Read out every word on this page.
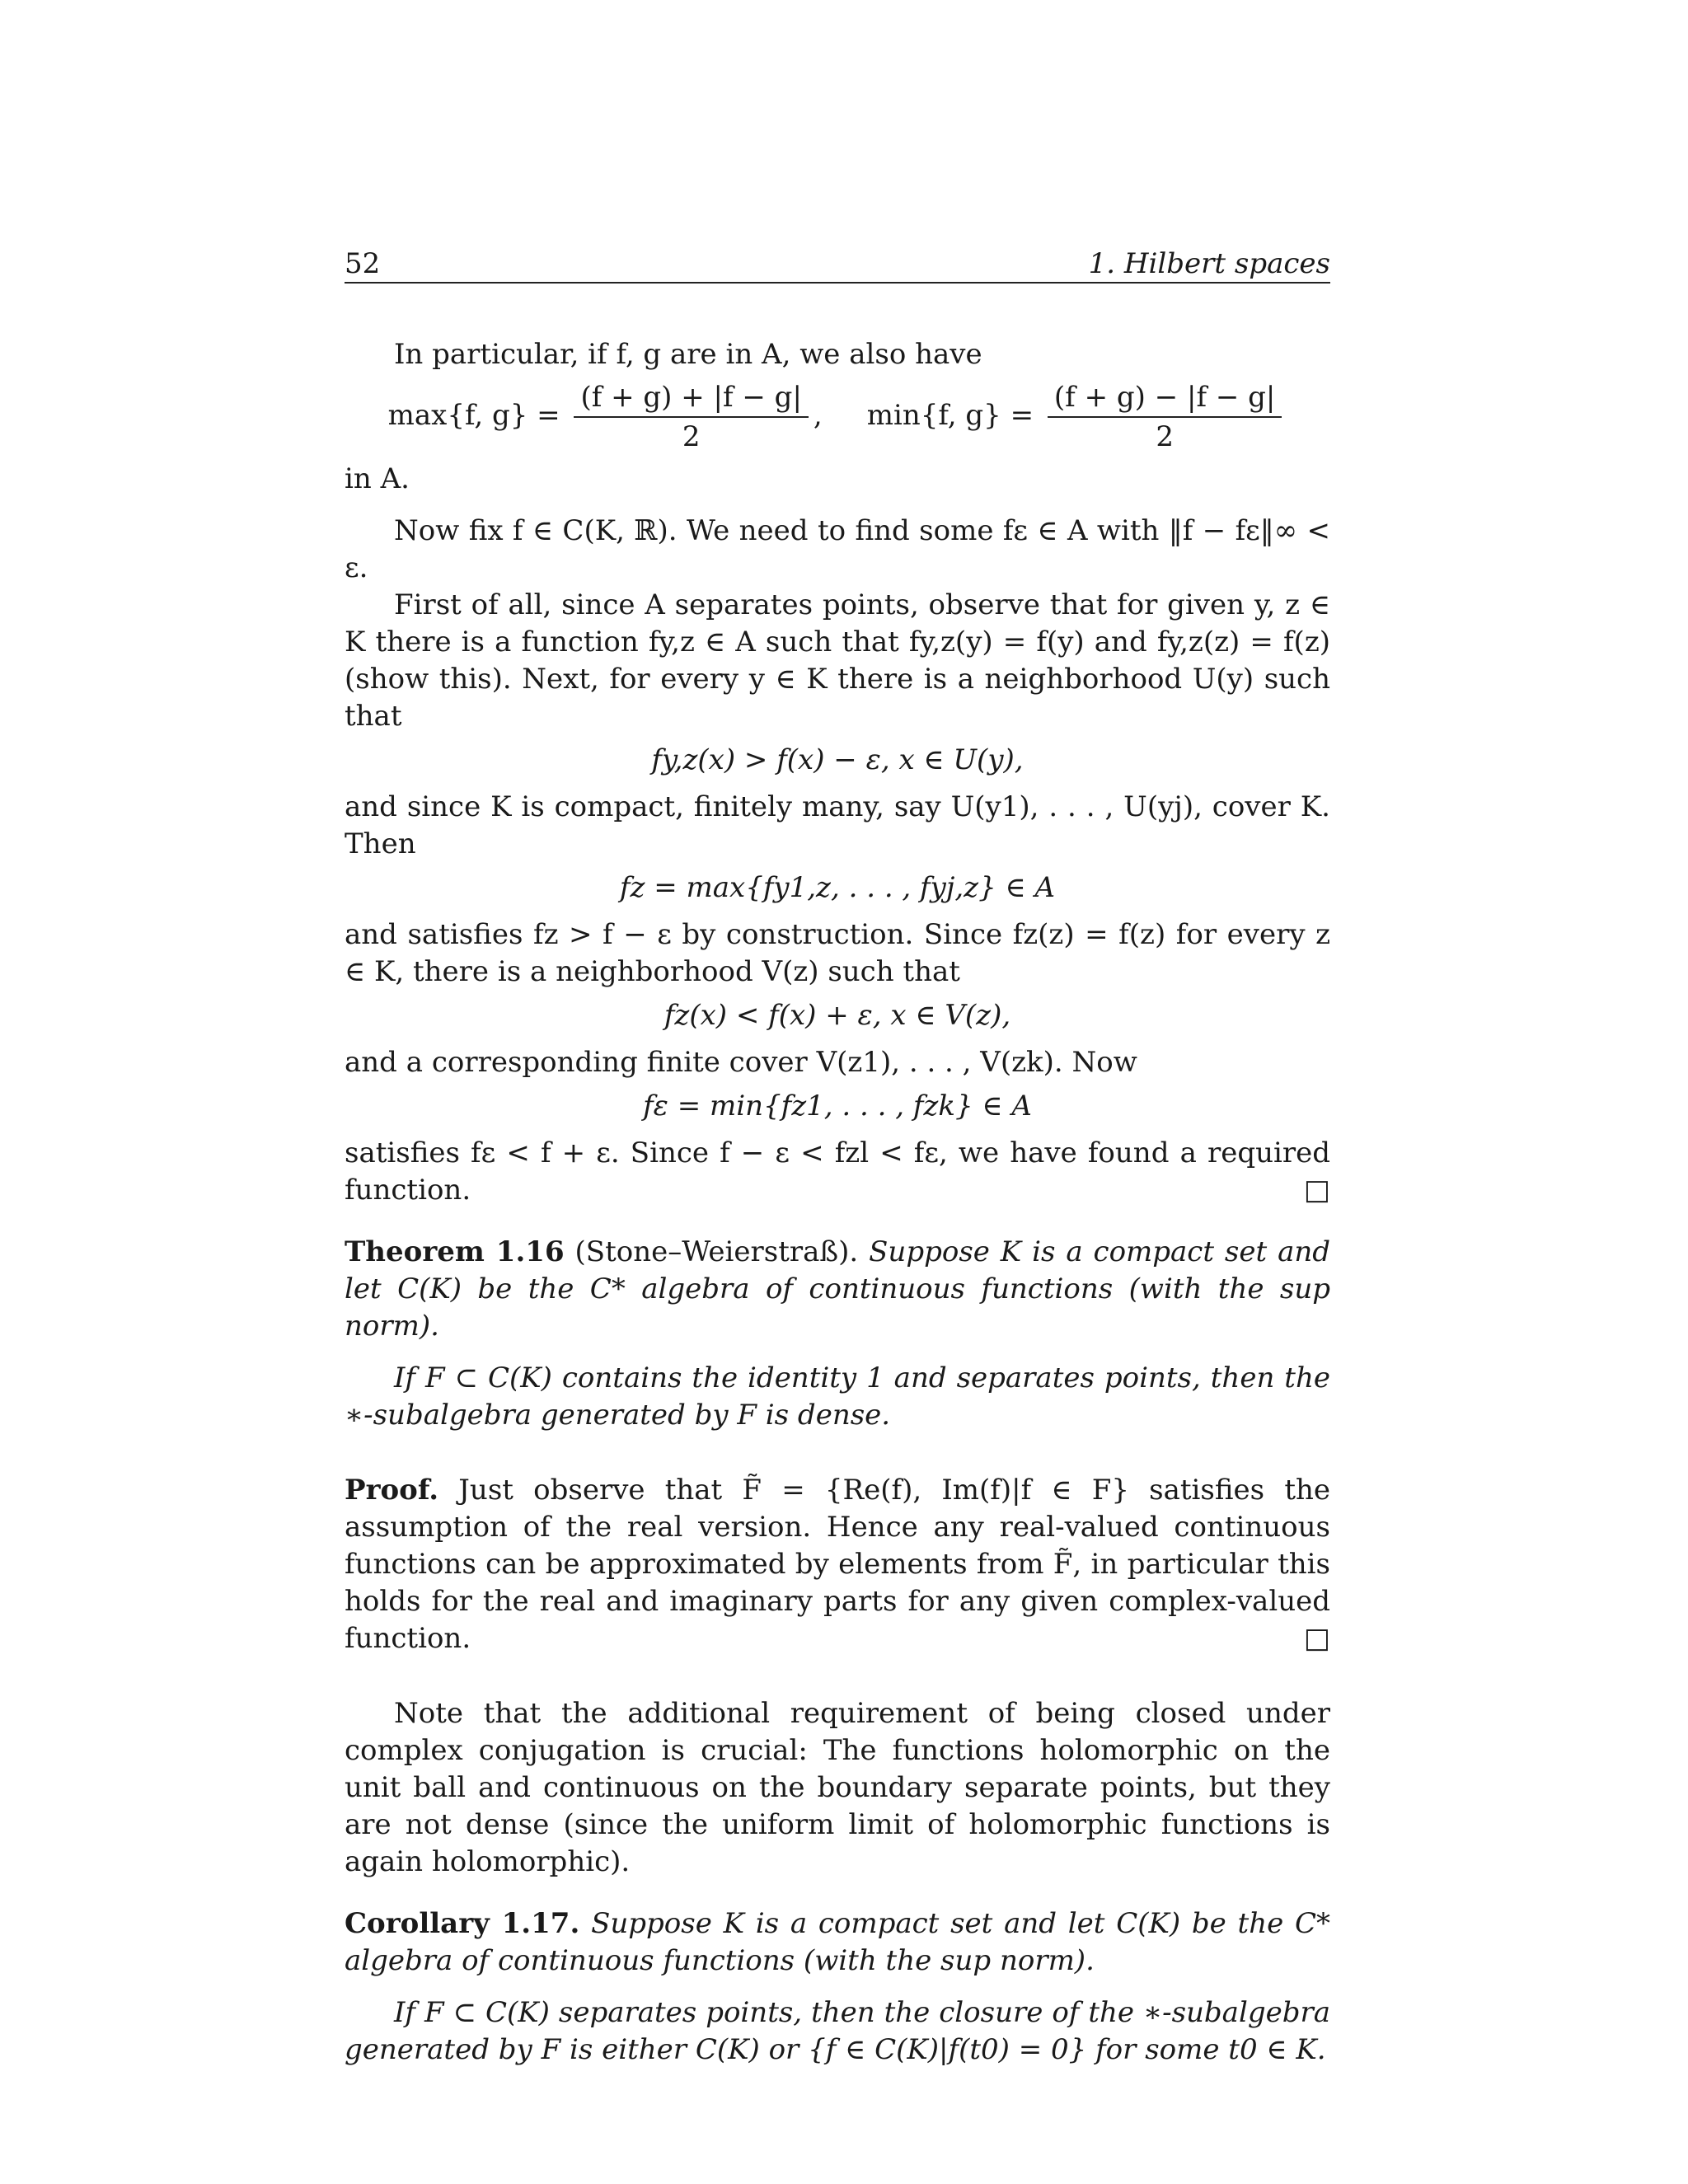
52	1. Hilbert spaces

In particular, if f, g are in A, we also have

max{f, $g\} = \frac{(f + g) + |f - g|}{2}$ ,     min{f, $g\} = \frac{(f + g) - |f - g|}{2}$

in A.

Now fix f ∈ C(K, ℝ). We need to find some fε ∈ A with ‖f − fε‖∞ < ε.

First of all, since A separates points, observe that for given y, z ∈ K there is a function fy,z ∈ A such that fy,z(y) = f(y) and fy,z(z) = f(z) (show this). Next, for every y ∈ K there is a neighborhood U(y) such that

fy,z(x) > f(x) − ε, x ∈ U(y),

and since K is compact, finitely many, say U(y1), . . . , U(yj), cover K. Then

fz = max{fy1,z, . . . , fyj,z} ∈ A

and satisfies fz > f − ε by construction. Since fz(z) = f(z) for every z ∈ K, there is a neighborhood V(z) such that

fz(x) < f(x) + ε, x ∈ V(z),

and a corresponding finite cover V(z1), . . . , V(zk). Now

fε = min{fz1, . . . , fzk} ∈ A

satisfies fε < f + ε. Since f − ε < fzl < fε, we have found a required function.	□

Theorem 1.16 (Stone–Weierstraß). Suppose K is a compact set and let C(K) be the C* algebra of continuous functions (with the sup norm).

If F ⊂ C(K) contains the identity 1 and separates points, then the ∗-subalgebra generated by F is dense.

Proof. Just observe that F̃ = {Re(f), Im(f)|f ∈ F} satisfies the assumption of the real version. Hence any real-valued continuous functions can be approximated by elements from F̃, in particular this holds for the real and imaginary parts for any given complex-valued function.	□

Note that the additional requirement of being closed under complex conjugation is crucial: The functions holomorphic on the unit ball and continuous on the boundary separate points, but they are not dense (since the uniform limit of holomorphic functions is again holomorphic).

Corollary 1.17. Suppose K is a compact set and let C(K) be the C* algebra of continuous functions (with the sup norm).

If F ⊂ C(K) separates points, then the closure of the ∗-subalgebra generated by F is either C(K) or {f ∈ C(K)|f(t0) = 0} for some t0 ∈ K.
